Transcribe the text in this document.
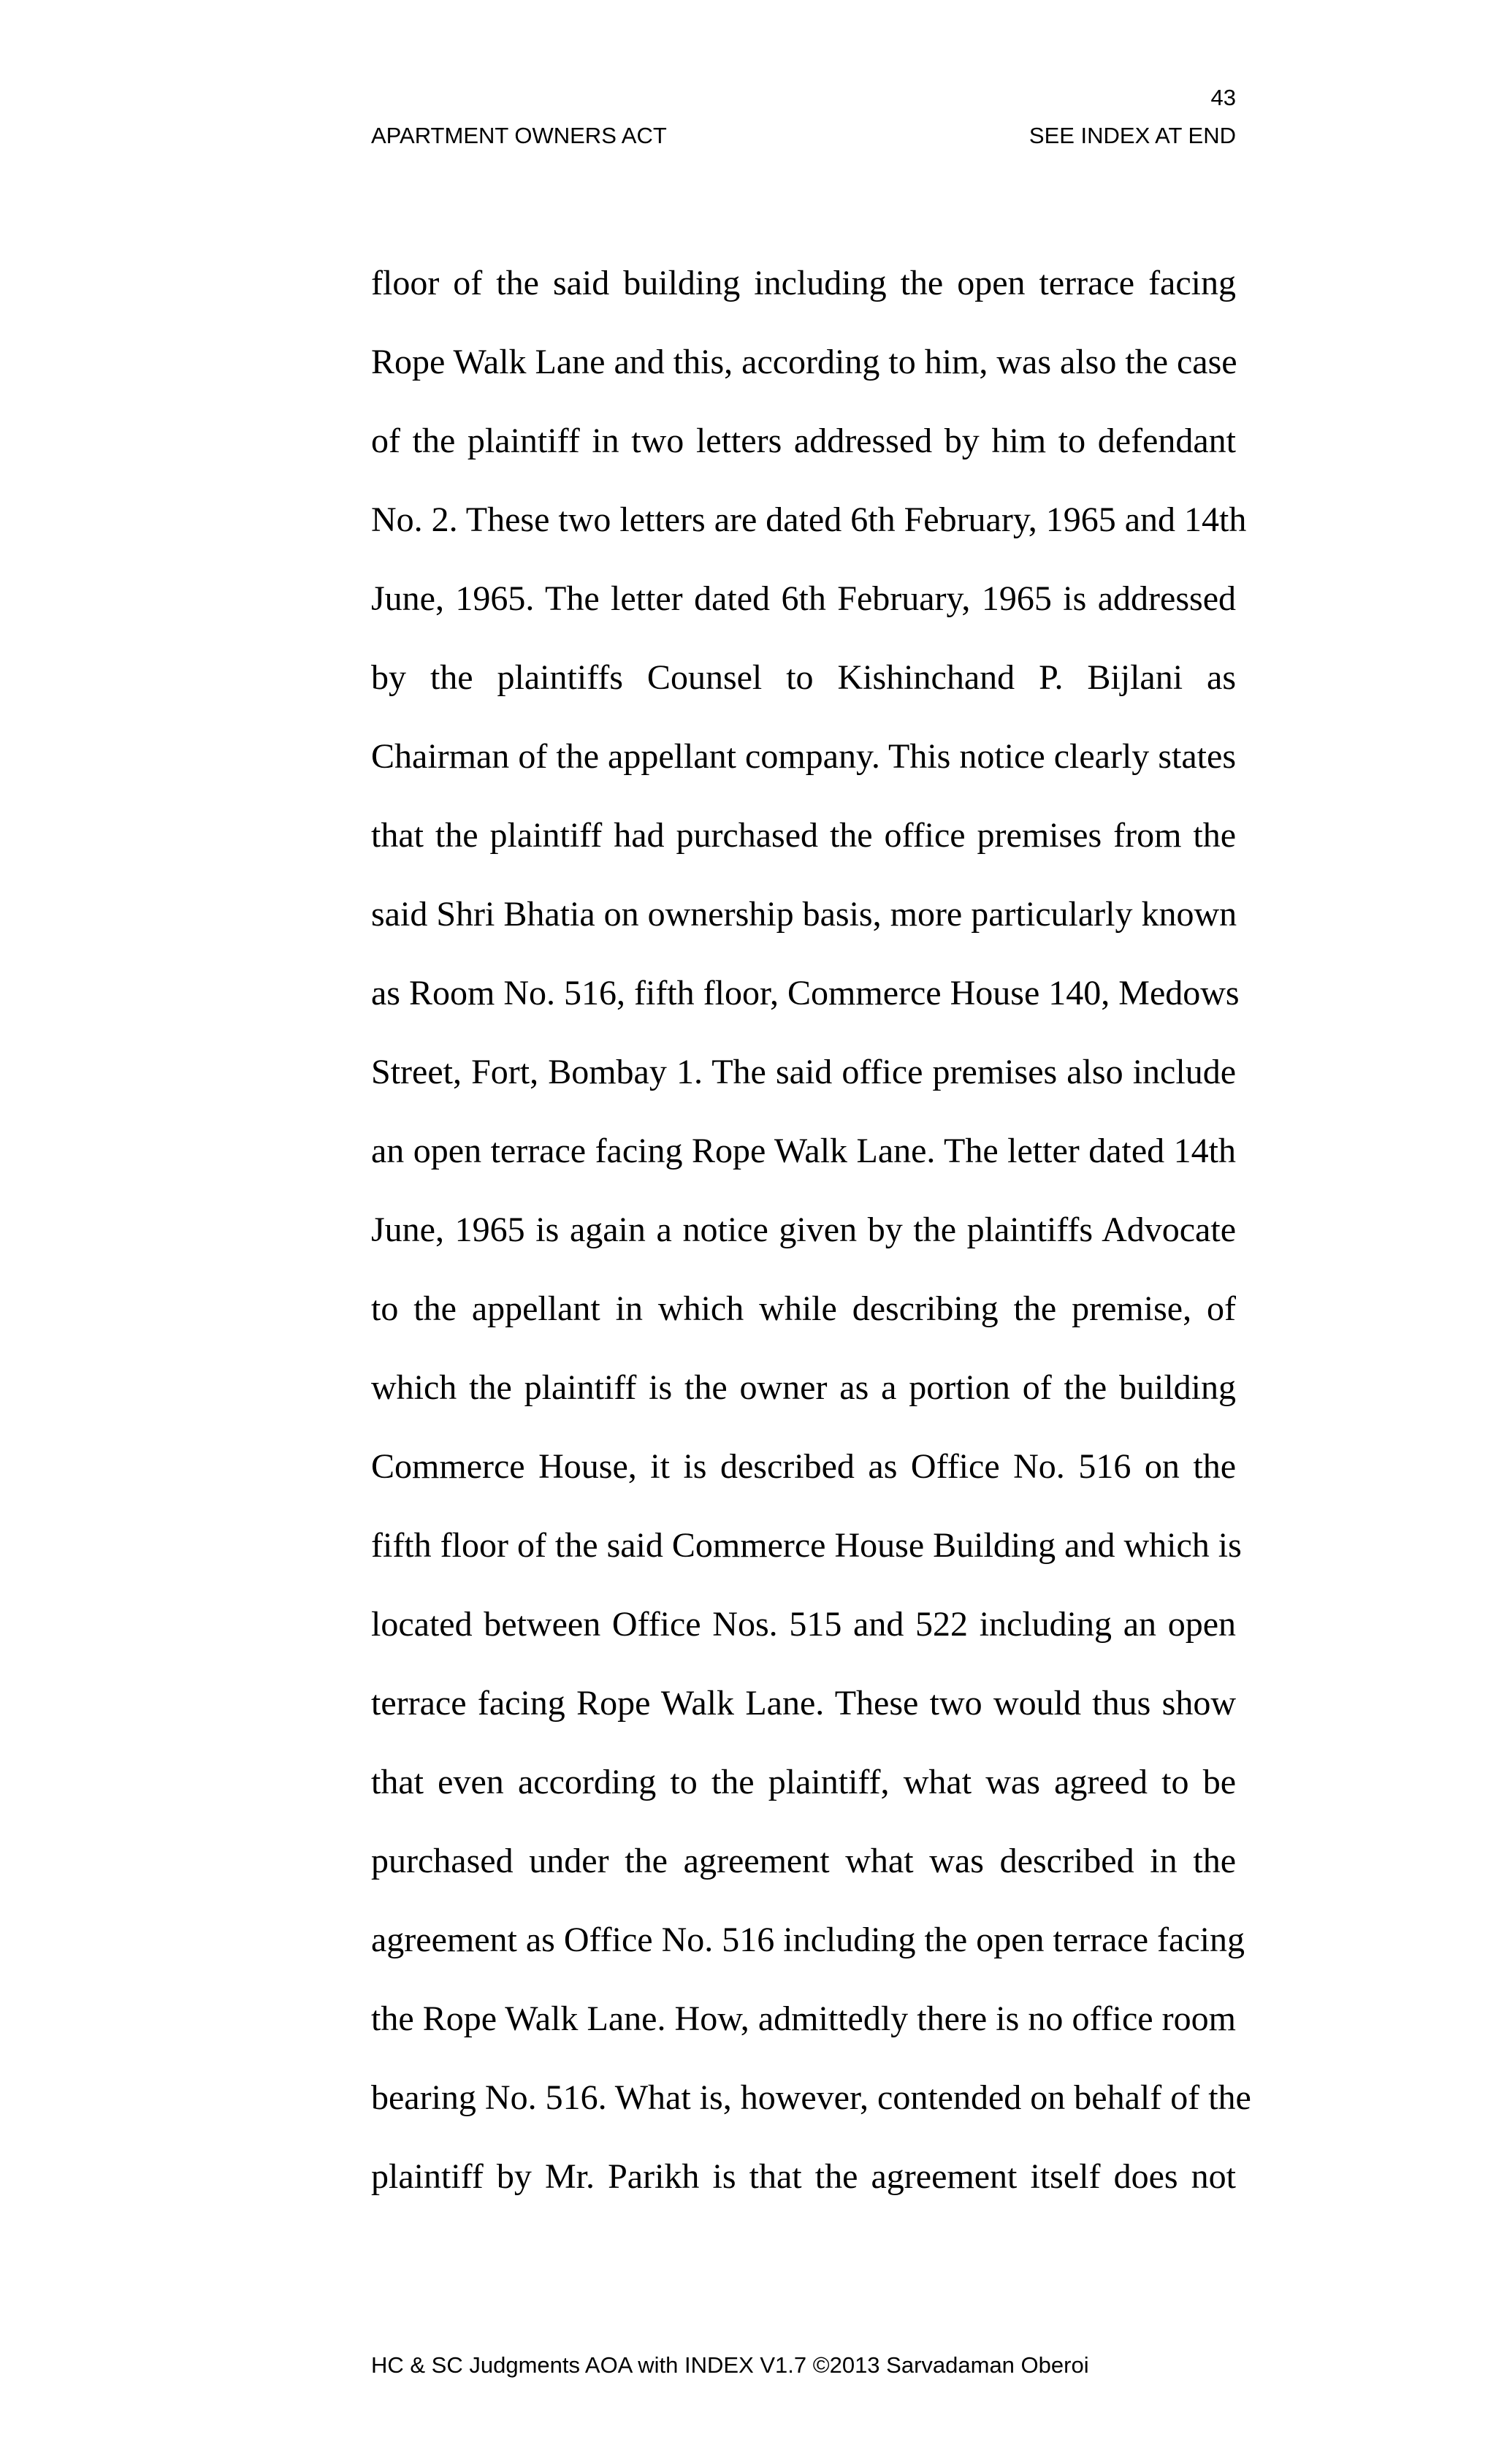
43
APARTMENT OWNERS ACT	SEE INDEX AT END
floor of the said building including the open terrace facing
Rope Walk Lane and this, according to him, was also the case
of the plaintiff in two letters addressed by him to defendant
No. 2. These two letters are dated 6th February, 1965 and 14th
June, 1965. The letter dated 6th February, 1965 is addressed
by the plaintiffs Counsel to Kishinchand P. Bijlani as
Chairman of the appellant company. This notice clearly states
that the plaintiff had purchased the office premises from the
said Shri Bhatia on ownership basis, more particularly known
as Room No. 516, fifth floor, Commerce House 140, Medows
Street, Fort, Bombay 1. The said office premises also include
an open terrace facing Rope Walk Lane. The letter dated 14th
June, 1965 is again a notice given by the plaintiffs Advocate
to the appellant in which while describing the premise, of
which the plaintiff is the owner as a portion of the building
Commerce House, it is described as Office No. 516 on the
fifth floor of the said Commerce House Building and which is
located between Office Nos. 515 and 522 including an open
terrace facing Rope Walk Lane. These two would thus show
that even according to the plaintiff, what was agreed to be
purchased under the agreement what was described in the
agreement as Office No. 516 including the open terrace facing
the Rope Walk Lane. How, admittedly there is no office room
bearing No. 516. What is, however, contended on behalf of the
plaintiff by Mr. Parikh is that the agreement itself does not
HC & SC Judgments AOA with INDEX V1.7 ©2013 Sarvadaman Oberoi
